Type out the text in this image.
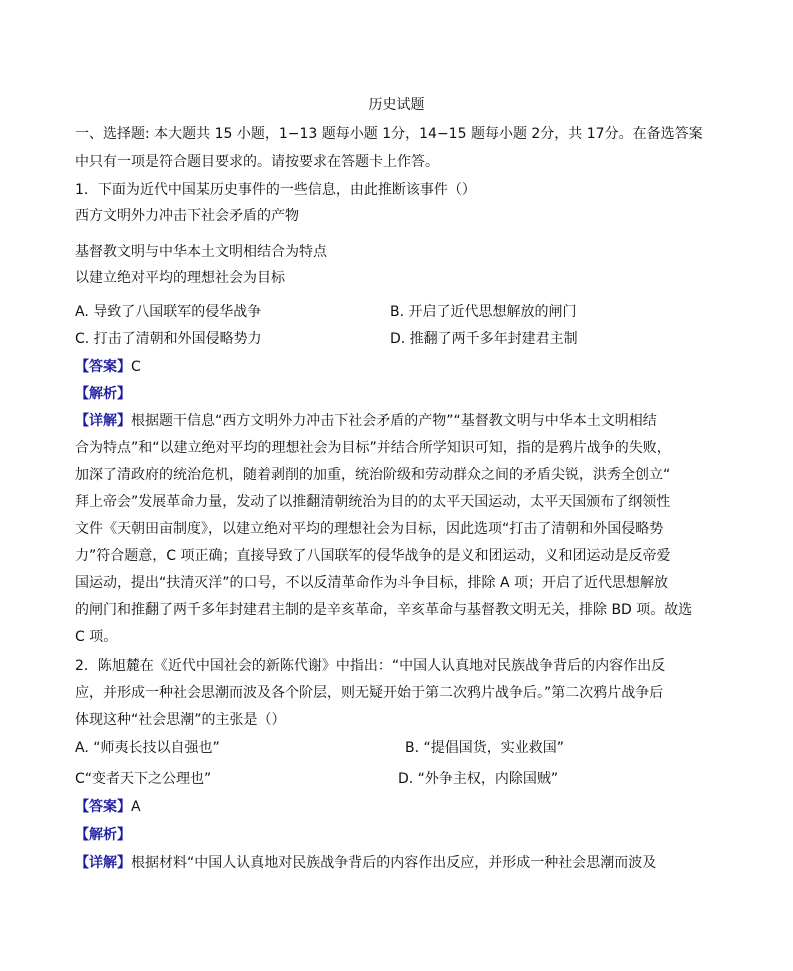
历史试题
一、选择题: 本大题共 15 小题，1−13 题每小题 1分，14−15 题每小题 2分，共 17分。在备选答案
中只有一项是符合题目要求的。请按要求在答题卡上作答。
1．下面为近代中国某历史事件的一些信息，由此推断该事件（）
西方文明外力冲击下社会矛盾的产物
基督教文明与中华本土文明相结合为特点
以建立绝对平均的理想社会为目标
A. 导致了八国联军的侵华战争	B. 开启了近代思想解放的闸门
C. 打击了清朝和外国侵略势力	D. 推翻了两千多年封建君主制
【答案】C
【解析】
【详解】根据题干信息“西方文明外力冲击下社会矛盾的产物”“基督教文明与中华本土文明相结
合为特点”和“以建立绝对平均的理想社会为目标”并结合所学知识可知，指的是鸦片战争的失败，
加深了清政府的统治危机，随着剥削的加重，统治阶级和劳动群众之间的矛盾尖锐，洪秀全创立“
拜上帝会”发展革命力量，发动了以推翻清朝统治为目的的太平天国运动，太平天国颁布了纲领性
文件《天朝田亩制度》，以建立绝对平均的理想社会为目标，因此选项“打击了清朝和外国侵略势
力”符合题意，C 项正确；直接导致了八国联军的侵华战争的是义和团运动，义和团运动是反帝爱
国运动，提出“扶清灭洋”的口号，不以反清革命作为斗争目标，排除 A 项；开启了近代思想解放
的闸门和推翻了两千多年封建君主制的是辛亥革命，辛亥革命与基督教文明无关，排除 BD 项。故选
C 项。
2．陈旭麓在《近代中国社会的新陈代谢》中指出：“中国人认真地对民族战争背后的内容作出反
应，并形成一种社会思潮而波及各个阶层，则无疑开始于第二次鸦片战争后。”第二次鸦片战争后
体现这种“社会思潮”的主张是（）
A. “师夷长技以自强也”	B. “提倡国货，实业救国”
C“变者天下之公理也”	D. “外争主权，内除国贼”
【答案】A
【解析】
【详解】根据材料“中国人认真地对民族战争背后的内容作出反应，并形成一种社会思潮而波及
